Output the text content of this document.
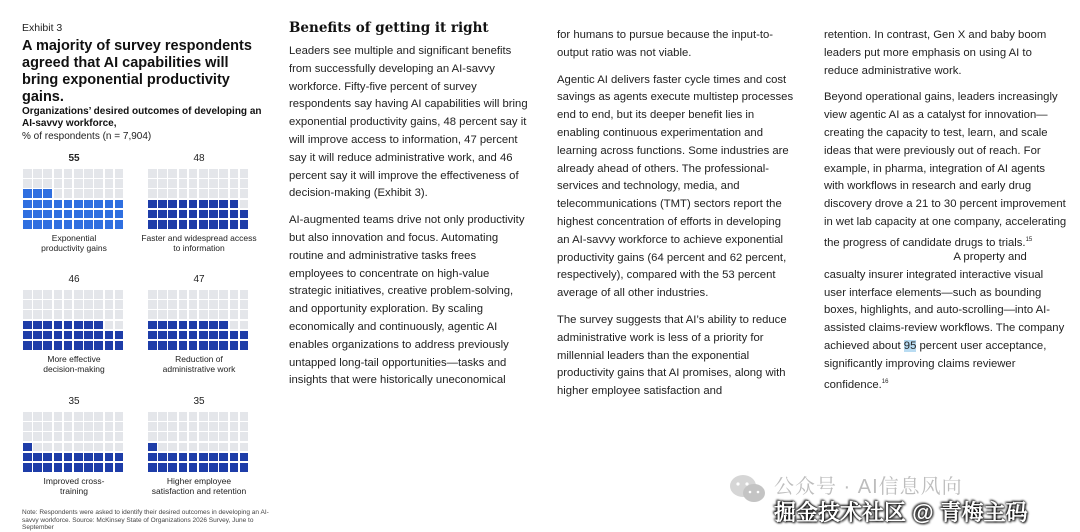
Exhibit 3
A majority of survey respondents agreed that AI capabilities will bring exponential productivity gains.
Organizations’ desired outcomes of developing an AI-savvy workforce,
% of respondents (n = 7,904)
55
Exponential productivity gains
48
Faster and widespread access to information
46
More effective decision-making
47
Reduction of administrative work
35
Improved cross-training
35
Higher employee satisfaction and retention
Note: Respondents were asked to identify their desired outcomes in developing an AI-savvy workforce. Source: McKinsey State of Organizations 2026 Survey, June to September
Benefits of getting it right

Leaders see multiple and significant benefits from successfully developing an AI-savvy workforce. Fifty-five percent of survey respondents say having AI capabilities will bring exponential productivity gains, 48 percent say it will improve access to information, 47 percent say it will reduce administrative work, and 46 percent say it will improve the effectiveness of decision-making (Exhibit 3).

AI-augmented teams drive not only productivity but also innovation and focus. Automating routine and administrative tasks frees employees to concentrate on high-value strategic initiatives, creative problem-solving, and opportunity exploration. By scaling economically and continuously, agentic AI enables organizations to address previously untapped long-tail opportunities—tasks and insights that were historically uneconomical

for humans to pursue because the input-to-output ratio was not viable.

Agentic AI delivers faster cycle times and cost savings as agents execute multistep processes end to end, but its deeper benefit lies in enabling continuous experimentation and learning across functions. Some industries are already ahead of others. The professional-services and technology, media, and telecommunications (TMT) sectors report the highest concentration of efforts in developing an AI-savvy workforce to achieve exponential productivity gains (64 percent and 62 percent, respectively), compared with the 53 percent average of all other industries.

The survey suggests that AI’s ability to reduce administrative work is less of a priority for millennial leaders than the exponential productivity gains that AI promises, along with higher employee satisfaction and

retention. In contrast, Gen X and baby boom leaders put more emphasis on using AI to reduce administrative work.

Beyond operational gains, leaders increasingly view agentic AI as a catalyst for innovation—creating the capacity to test, learn, and scale ideas that were previously out of reach. For example, in pharma, integration of AI agents with workflows in research and early drug discovery drove a 21 to 30 percent improvement in wet lab capacity at one company, accelerating the progress of candidate drugs to trials.$^{15}$

A property and casualty insurer integrated interactive visual user interface elements—such as bounding boxes, highlights, and auto-scrolling—into AI-assisted claims-review workflows. The company achieved about 95 percent user acceptance, significantly improving claims reviewer confidence.$^{16}$

公众号 · AI信息风向
掘金技术社区 @ 青梅主码
